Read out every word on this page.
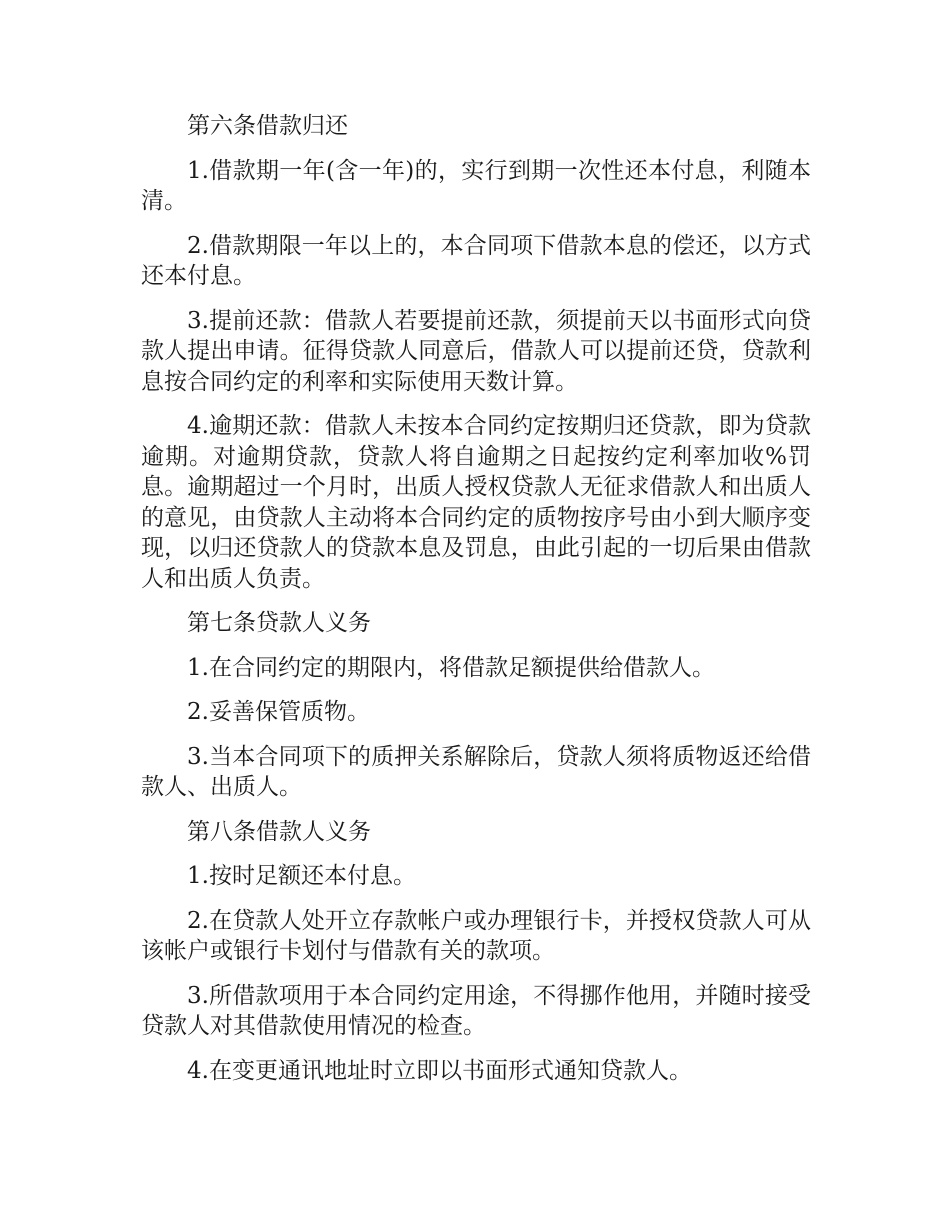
第六条借款归还

1.借款期一年(含一年)的，实行到期一次性还本付息，利随本清。

2.借款期限一年以上的，本合同项下借款本息的偿还，以方式还本付息。

3.提前还款：借款人若要提前还款，须提前天以书面形式向贷款人提出申请。征得贷款人同意后，借款人可以提前还贷，贷款利息按合同约定的利率和实际使用天数计算。

4.逾期还款：借款人未按本合同约定按期归还贷款，即为贷款逾期。对逾期贷款，贷款人将自逾期之日起按约定利率加收%罚息。逾期超过一个月时，出质人授权贷款人无征求借款人和出质人的意见，由贷款人主动将本合同约定的质物按序号由小到大顺序变现，以归还贷款人的贷款本息及罚息，由此引起的一切后果由借款人和出质人负责。

第七条贷款人义务

1.在合同约定的期限内，将借款足额提供给借款人。

2.妥善保管质物。

3.当本合同项下的质押关系解除后，贷款人须将质物返还给借款人、出质人。

第八条借款人义务

1.按时足额还本付息。

2.在贷款人处开立存款帐户或办理银行卡，并授权贷款人可从该帐户或银行卡划付与借款有关的款项。

3.所借款项用于本合同约定用途，不得挪作他用，并随时接受贷款人对其借款使用情况的检查。

4.在变更通讯地址时立即以书面形式通知贷款人。
